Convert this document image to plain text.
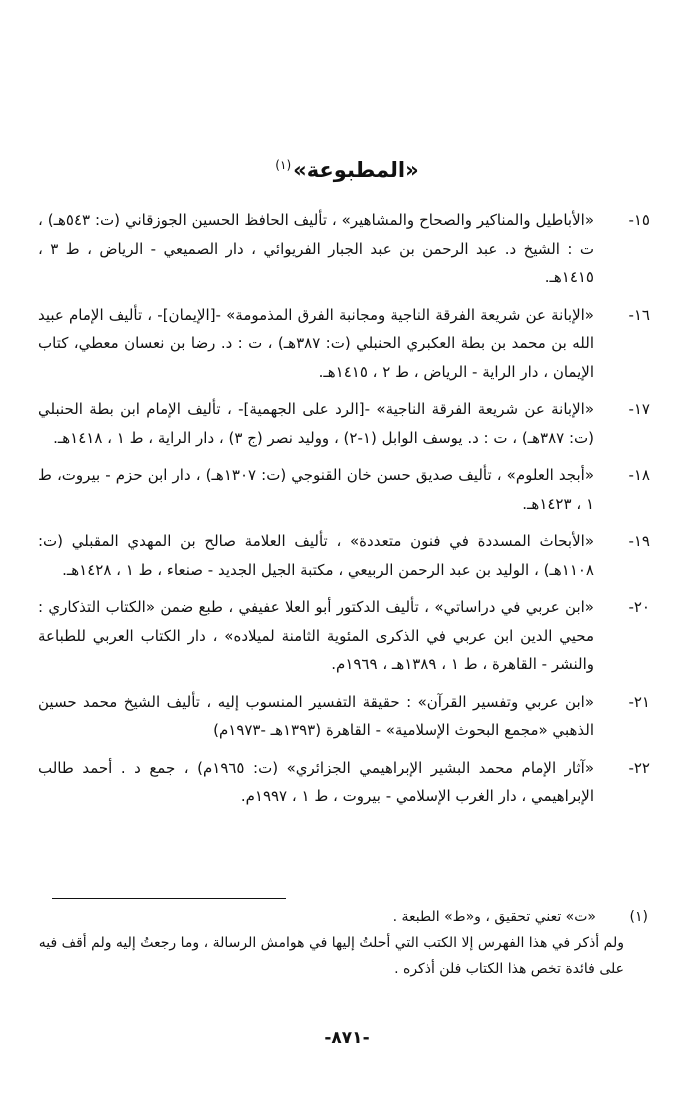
«المطبوعة»$^{(١)}$
١٥-
«الأباطيل والمناكير والصحاح والمشاهير» ، تأليف الحافظ الحسين الجوزقاني (ت: ٥٤٣هـ) ، ت : الشيخ د. عبد الرحمن بن عبد الجبار الفريوائي ، دار الصميعي - الرياض ، ط ٣ ، ١٤١٥هـ.
١٦-
«الإبانة عن شريعة الفرقة الناجية ومجانبة الفرق المذمومة» -[الإيمان]- ، تأليف الإمام عبيد الله بن محمد بن بطة العكبري الحنبلي (ت: ٣٨٧هـ) ، ت : د. رضا بن نعسان معطي، كتاب الإيمان ، دار الراية - الرياض ، ط ٢ ، ١٤١٥هـ.
١٧-
«الإبانة عن شريعة الفرقة الناجية» -[الرد على الجهمية]- ، تأليف الإمام ابن بطة الحنبلي (ت: ٣٨٧هـ) ، ت : د. يوسف الوابل (١-٢) ، ووليد نصر (ج ٣) ، دار الراية ، ط ١ ، ١٤١٨هـ.
١٨-
«أبجد العلوم» ، تأليف صديق حسن خان القنوجي (ت: ١٣٠٧هـ) ، دار ابن حزم - بيروت، ط ١ ، ١٤٢٣هـ.
١٩-
«الأبحاث المسددة في فنون متعددة» ، تأليف العلامة صالح بن المهدي المقبلي (ت: ١١٠٨هـ) ، الوليد بن عبد الرحمن الربيعي ، مكتبة الجيل الجديد - صنعاء ، ط ١ ، ١٤٢٨هـ.
٢٠-
«ابن عربي في دراساتي» ، تأليف الدكتور أبو العلا عفيفي ، طبع ضمن «الكتاب التذكاري : محيي الدين ابن عربي في الذكرى المئوية الثامنة لميلاده» ، دار الكتاب العربي للطباعة والنشر - القاهرة ، ط ١ ، ١٣٨٩هـ ، ١٩٦٩م.
٢١-
«ابن عربي وتفسير القرآن» : حقيقة التفسير المنسوب إليه ، تأليف الشيخ محمد حسين الذهبي «مجمع البحوث الإسلامية» - القاهرة (١٣٩٣هـ -١٩٧٣م)
٢٢-
«آثار الإمام محمد البشير الإبراهيمي الجزائري» (ت: ١٩٦٥م) ، جمع د . أحمد طالب الإبراهيمي ، دار الغرب الإسلامي - بيروت ، ط ١ ، ١٩٩٧م.
(١)
«ت» تعني تحقيق ، و«ط» الطبعة .
ولم أذكر في هذا الفهرس إلا الكتب التي أحلتُ إليها في هوامش الرسالة ، وما رجعتُ إليه ولم أقف فيه على فائدة تخص هذا الكتاب فلن أذكره .
-٨٧١-
